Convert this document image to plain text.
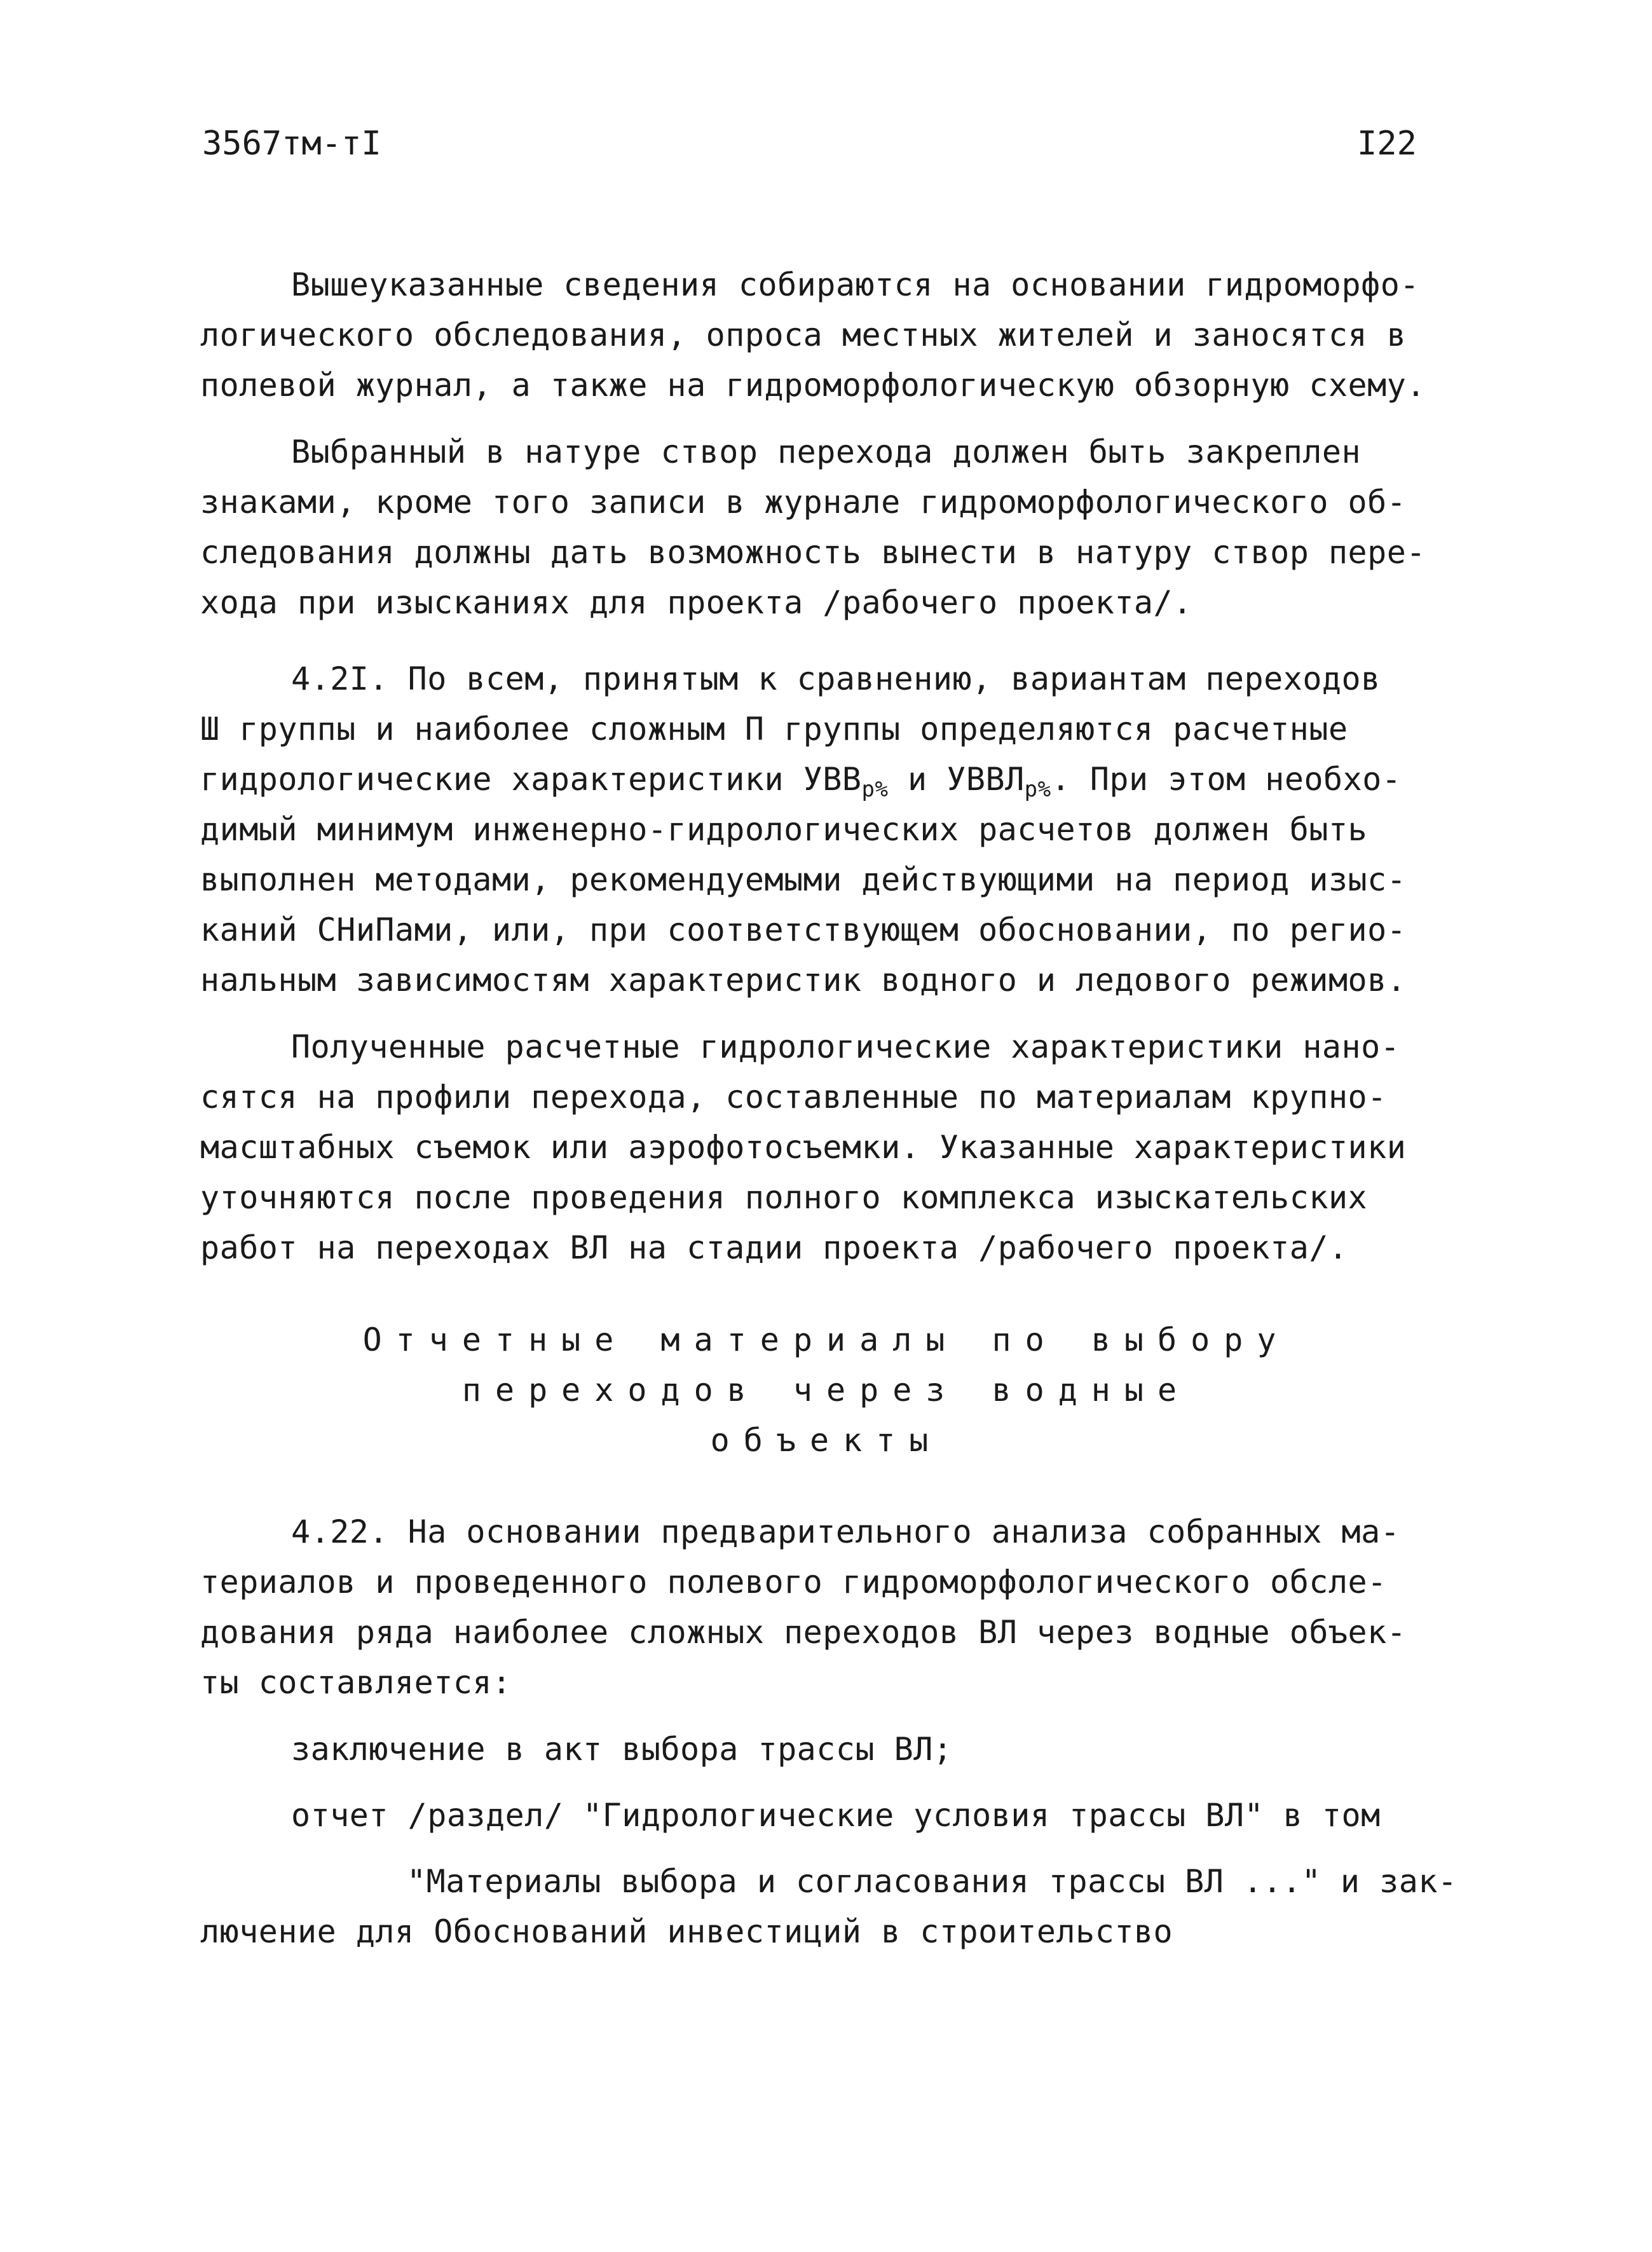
3567тм-тI	I22
Вышеуказанные сведения собираются на основании гидроморфо-
логического обследования, опроса местных жителей и заносятся в
полевой журнал, а также на гидроморфологическую обзорную схему.
Выбранный в натуре створ перехода должен быть закреплен
знаками, кроме того записи в журнале гидроморфологического об-
следования должны дать возможность вынести в натуру створ пере-
хода при изысканиях для проекта /рабочего проекта/.
4.2I. По всем, принятым к сравнению, вариантам переходов
Ш группы и наиболее сложным П группы определяются расчетные
гидрологические характеристики $УВВ_{р\%}$ и $УВВЛ_{р\%}$. При этом необхо-
димый минимум инженерно-гидрологических расчетов должен быть
выполнен методами, рекомендуемыми действующими на период изыс-
каний СНиПами, или, при соответствующем обосновании, по регио-
нальным зависимостям характеристик водного и ледового режимов.
Полученные расчетные гидрологические характеристики нано-
сятся на профили перехода, составленные по материалам крупно-
масштабных съемок или аэрофотосъемки. Указанные характеристики
уточняются после проведения полного комплекса изыскательских
работ на переходах ВЛ на стадии проекта /рабочего проекта/.
Отчетные материалы по выбору
переходов через водные
объекты
4.22. На основании предварительного анализа собранных ма-
териалов и проведенного полевого гидроморфологического обсле-
дования ряда наиболее сложных переходов ВЛ через водные объек-
ты составляется:
заключение в акт выбора трассы ВЛ;
отчет /раздел/ "Гидрологические условия трассы ВЛ" в том
"Материалы выбора и согласования трассы ВЛ ..." и зак-
лючение для Обоснований инвестиций в строительство
